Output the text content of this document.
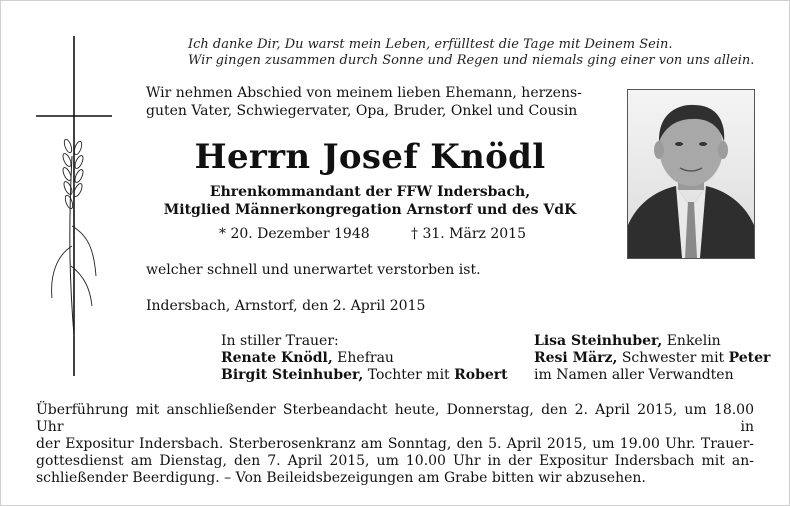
Ich danke Dir, Du warst mein Leben, erfülltest die Tage mit Deinem Sein.
Wir gingen zusammen durch Sonne und Regen und niemals ging einer von uns allein.
Wir nehmen Abschied von meinem lieben Ehemann, herzens-
guten Vater, Schwiegervater, Opa, Bruder, Onkel und Cousin
Herrn Josef Knödl
Ehrenkommandant der FFW Indersbach,
Mitglied Männerkongregation Arnstorf und des VdK
* 20. Dezember 1948	† 31. März 2015
welcher schnell und unerwartet verstorben ist.
Indersbach, Arnstorf, den 2. April 2015
In stiller Trauer:
Renate Knödl, Ehefrau
Birgit Steinhuber, Tochter mit Robert
Lisa Steinhuber, Enkelin
Resi März, Schwester mit Peter
im Namen aller Verwandten
Überführung mit anschließender Sterbeandacht heute, Donnerstag, den 2. April 2015, um 18.00 Uhr in
der Expositur Indersbach. Sterberosenkranz am Sonntag, den 5. April 2015, um 19.00 Uhr. Trauer-
gottesdienst am Dienstag, den 7. April 2015, um 10.00 Uhr in der Expositur Indersbach mit an-
schließender Beerdigung. – Von Beileidsbezeigungen am Grabe bitten wir abzusehen.
